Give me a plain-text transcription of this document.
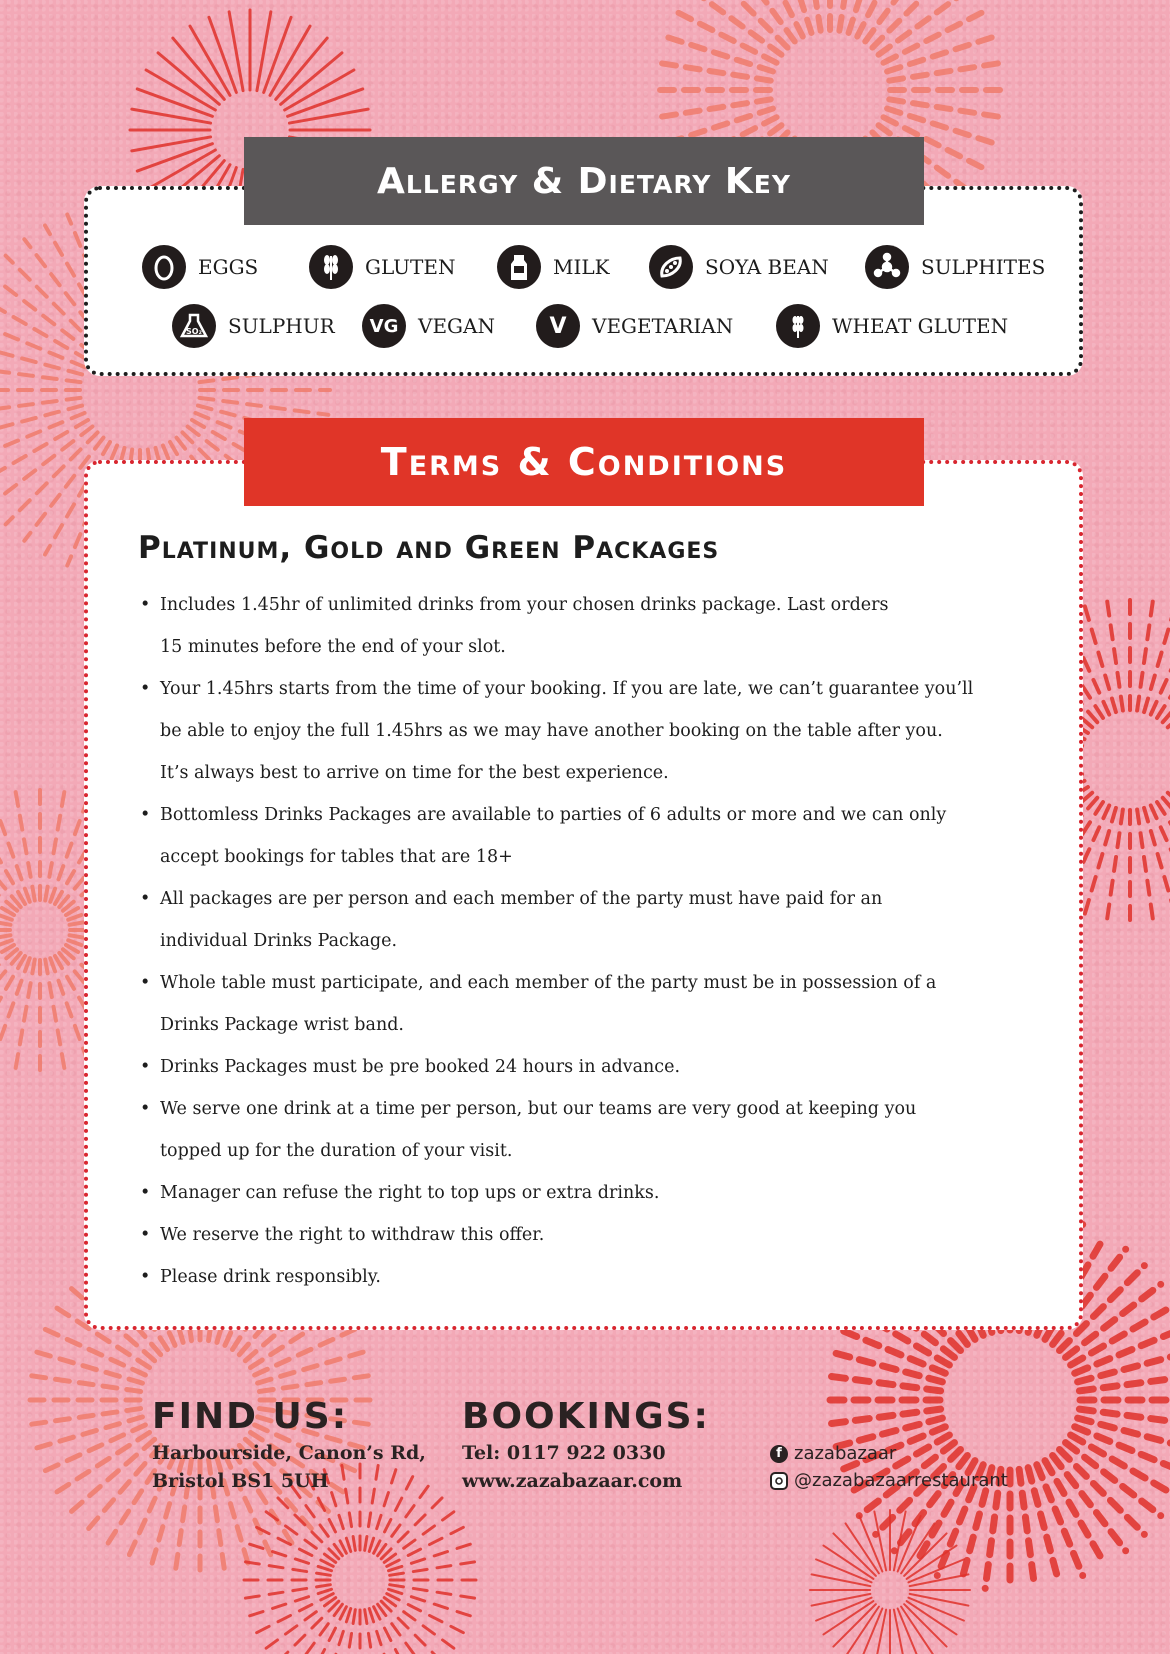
Allergy & Dietary Key
EGGS	GLUTEN	MILK	SOYA BEAN	SULPHITES
SO₂ SULPHUR	VG VEGAN	V	VEGETARIAN	WHEAT GLUTEN
Terms & Conditions
Platinum, Gold and Green Packages
• Includes 1.45hr of unlimited drinks from your chosen drinks package. Last orders
15 minutes before the end of your slot.
• Your 1.45hrs starts from the time of your booking. If you are late, we can’t guarantee you’ll
be able to enjoy the full 1.45hrs as we may have another booking on the table after you.
It’s always best to arrive on time for the best experience.
• Bottomless Drinks Packages are available to parties of 6 adults or more and we can only
accept bookings for tables that are 18+
• All packages are per person and each member of the party must have paid for an
individual Drinks Package.
• Whole table must participate, and each member of the party must be in possession of a
Drinks Package wrist band.
• Drinks Packages must be pre booked 24 hours in advance.
• We serve one drink at a time per person, but our teams are very good at keeping you
topped up for the duration of your visit.
• Manager can refuse the right to top ups or extra drinks.
• We reserve the right to withdraw this offer.
• Please drink responsibly.
FIND US:
Harbourside, Canon’s Rd,
Bristol BS1 5UH
BOOKINGS:
Tel: 0117 922 0330
www.zazabazaar.com
f zazabazaar
@zazabazaarrestaurant
